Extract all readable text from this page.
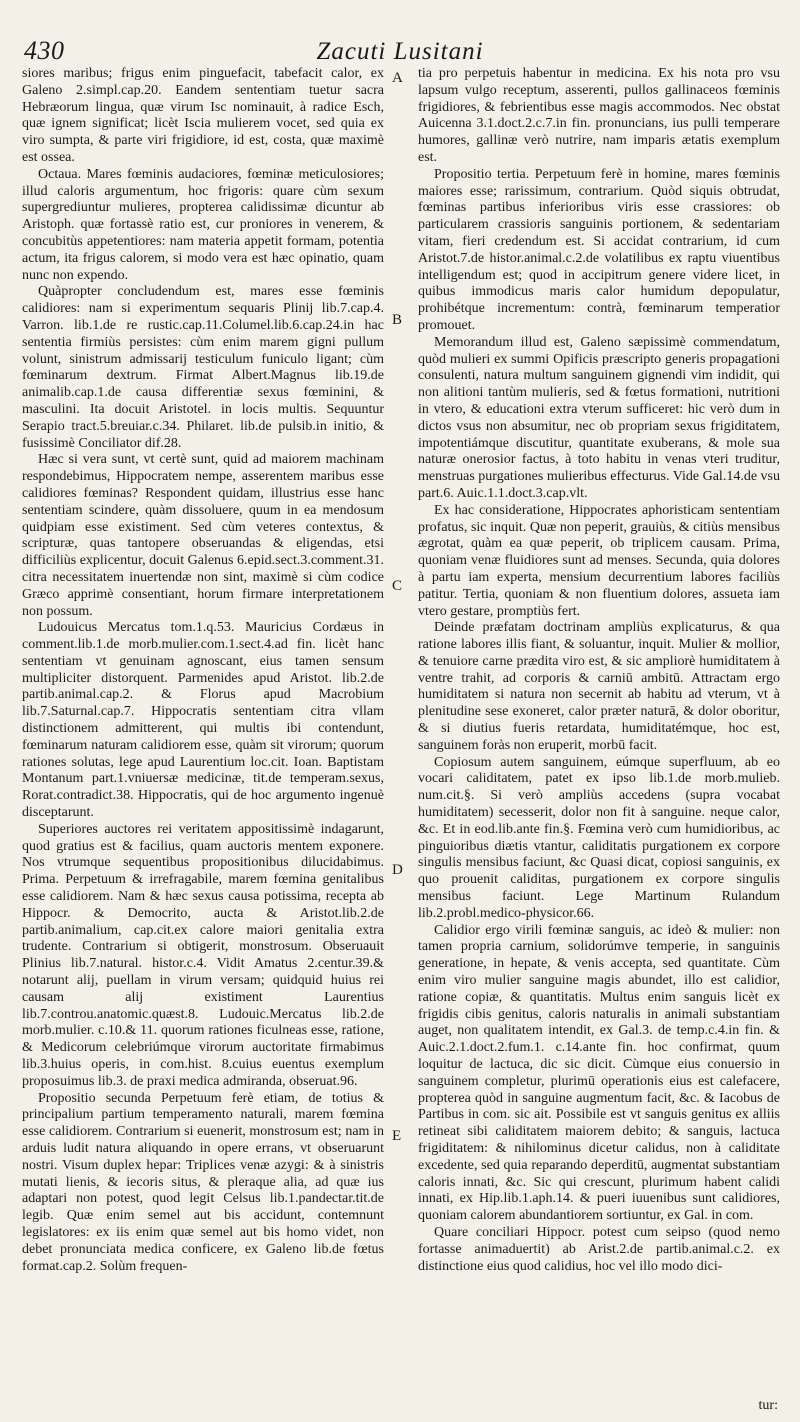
430	Zacuti Lusitani

siores maribus; frigus enim pinguefacit, tabefacit calor, ex Galeno 2.simpl.cap.20. Eandem sententiam tuetur sacra Hebræorum lingua, quæ virum Isc nominauit, à radice Esch, quæ ignem significat; licèt Iscia mulierem vocet, sed quia ex viro sumpta, & parte viri frigidiore, id est, costa, quæ maximè est ossea.

Octaua. Mares fœminis audaciores, fœminæ meticulosiores; illud caloris argumentum, hoc frigoris: quare cùm sexum supergrediuntur mulieres, propterea calidissimæ dicuntur ab Aristoph. quæ fortassè ratio est, cur proniores in venerem, & concubitùs appetentiores: nam materia appetit formam, potentia actum, ita frigus calorem, si modo vera est hæc opinatio, quam nunc non expendo.

Quàpropter concludendum est, mares esse fœminis calidiores: nam si experimentum sequaris Plinij lib.7.cap.4. Varron. lib.1.de re rustic.cap.11.Columel.lib.6.cap.24.in hac sententia firmiùs persistes: cùm enim marem gigni pullum volunt, sinistrum admissarij testiculum funiculo ligant; cùm fœminarum dextrum. Firmat Albert.Magnus lib.19.de animalib.cap.1.de causa differentiæ sexus fœminini, & masculini. Ita docuit Aristotel. in locis multis. Sequuntur Serapio tract.5.breuiar.c.34. Philaret. lib.de pulsib.in initio, & fusissimè Conciliator dif.28.

Hæc si vera sunt, vt certè sunt, quid ad maiorem machinam respondebimus, Hippocratem nempe, asserentem maribus esse calidiores fœminas? Respondent quidam, illustrius esse hanc sententiam scindere, quàm dissoluere, quum in ea mendosum quidpiam esse existiment. Sed cùm veteres contextus, & scripturæ, quas tantopere obseruandas & eligendas, etsi difficiliùs explicentur, docuit Galenus 6.epid.sect.3.comment.31. citra necessitatem inuertendæ non sint, maximè si cùm codice Græco apprimè consentiant, horum firmare interpretationem non possum.

Ludouicus Mercatus tom.1.q.53. Mauricius Cordæus in comment.lib.1.de morb.mulier.com.1.sect.4.ad fin. licèt hanc sententiam vt genuinam agnoscant, eius tamen sensum multipliciter distorquent. Parmenides apud Aristot. lib.2.de partib.animal.cap.2. & Florus apud Macrobium lib.7.Saturnal.cap.7. Hippocratis sententiam citra vllam distinctionem admitterent, qui multis ibi contendunt, fœminarum naturam calidiorem esse, quàm sit virorum; quorum rationes solutas, lege apud Laurentium loc.cit. Ioan. Baptistam Montanum part.1.vniuersæ medicinæ, tit.de temperam.sexus, Rorat.contradict.38. Hippocratis, qui de hoc argumento ingenuè disceptarunt.

Superiores auctores rei veritatem appositissimè indagarunt, quod gratius est & facilius, quam auctoris mentem exponere. Nos vtrumque sequentibus propositionibus dilucidabimus. Prima. Perpetuum & irrefragabile, marem fœmina genitalibus esse calidiorem. Nam & hæc sexus causa potissima, recepta ab Hippocr. & Democrito, aucta & Aristot.lib.2.de partib.animalium, cap.cit.ex calore maiori genitalia extra trudente. Contrarium si obtigerit, monstrosum. Obseruauit Plinius lib.7.natural. histor.c.4. Vidit Amatus 2.centur.39.& notarunt alij, puellam in virum versam; quidquid huius rei causam alij existiment Laurentius lib.7.controu.anatomic.quæst.8. Ludouic.Mercatus lib.2.de morb.mulier. c.10.& 11. quorum rationes ficulneas esse, ratione, & Medicorum celebriúmque virorum auctoritate firmabimus lib.3.huius operis, in com.hist. 8.cuius euentus exemplum proposuimus lib.3. de praxi medica admiranda, obseruat.96.

Propositio secunda Perpetuum ferè etiam, de totius & principalium partium temperamento naturali, marem fœmina esse calidiorem. Contrarium si euenerit, monstrosum est; nam in arduis ludit natura aliquando in opere errans, vt obseruarunt nostri. Visum duplex hepar: Triplices venæ azygi: & à sinistris mutati lienis, & iecoris situs, & pleraque alia, ad quæ ius adaptari non potest, quod legit Celsus lib.1.pandectar.tit.de legib. Quæ enim semel aut bis accidunt, contemnunt legislatores: ex iis enim quæ semel aut bis homo videt, non debet pronunciata medica conficere, ex Galeno lib.de fœtus format.cap.2. Solùm frequen-

A
B
C
D
E

tia pro perpetuis habentur in medicina. Ex his nota pro vsu lapsum vulgo receptum, asserenti, pullos gallinaceos fœminis frigidiores, & febrientibus esse magis accommodos. Nec obstat Auicenna 3.1.doct.2.c.7.in fin. pronuncians, ius pulli temperare humores, gallinæ verò nutrire, nam imparis ætatis exemplum est.

Propositio tertia. Perpetuum ferè in homine, mares fœminis maiores esse; rarissimum, contrarium. Quòd siquis obtrudat, fœminas partibus inferioribus viris esse crassiores: ob particularem crassioris sanguinis portionem, & sedentariam vitam, fieri credendum est. Si accidat contrarium, id cum Aristot.7.de histor.animal.c.2.de volatilibus ex raptu viuentibus intelligendum est; quod in accipitrum genere videre licet, in quibus immodicus maris calor humidum depopulatur, prohibétque incrementum: contrà, fœminarum temperatior promouet.

Memorandum illud est, Galeno sæpissimè commendatum, quòd mulieri ex summi Opificis præscripto generis propagationi consulenti, natura multum sanguinem gignendi vim indidit, qui non alitioni tantùm mulieris, sed & fœtus formationi, nutritioni in vtero, & educationi extra vterum sufficeret: hic verò dum in dictos vsus non absumitur, nec ob propriam sexus frigiditatem, impotentiámque discutitur, quantitate exuberans, & mole sua naturæ onerosior factus, à toto habitu in venas vteri truditur, menstruas purgationes mulieribus effecturus. Vide Gal.14.de vsu part.6. Auic.1.1.doct.3.cap.vlt.

Ex hac consideratione, Hippocrates aphoristicam sententiam profatus, sic inquit. Quæ non peperit, grauiùs, & citiùs mensibus ægrotat, quàm ea quæ peperit, ob triplicem causam. Prima, quoniam venæ fluidiores sunt ad menses. Secunda, quia dolores à partu iam experta, mensium decurrentium labores faciliùs patitur. Tertia, quoniam & non fluentium dolores, assueta iam vtero gestare, promptiùs fert.

Deinde præfatam doctrinam ampliùs explicaturus, & qua ratione labores illis fiant, & soluantur, inquit. Mulier & mollior, & tenuiore carne prædita viro est, & sic ampliorè humiditatem à ventre trahit, ad corporis & carniū ambitū. Attractam ergo humiditatem si natura non secernit ab habitu ad vterum, vt à plenitudine sese exoneret, calor præter naturā, & dolor oboritur, & si diutius fueris retardata, humiditatémque, hoc est, sanguinem foràs non eruperit, morbū facit.

Copiosum autem sanguinem, eúmque superfluum, ab eo vocari caliditatem, patet ex ipso lib.1.de morb.mulieb. num.cit.§. Si verò ampliùs accedens (supra vocabat humiditatem) secesserit, dolor non fit à sanguine. neque calor, &c. Et in eod.lib.ante fin.§. Fœmina verò cum humidioribus, ac pinguioribus diætis vtantur, caliditatis purgationem ex corpore singulis mensibus faciunt, &c Quasi dicat, copiosi sanguinis, ex quo prouenit caliditas, purgationem ex corpore singulis mensibus faciunt. Lege Martinum Rulandum lib.2.probl.medico-physicor.66.

Calidior ergo virili fœminæ sanguis, ac ideò & mulier: non tamen propria carnium, solidorúmve temperie, in sanguinis generatione, in hepate, & venis accepta, sed quantitate. Cùm enim viro mulier sanguine magis abundet, illo est calidior, ratione copiæ, & quantitatis. Multus enim sanguis licèt ex frigidis cibis genitus, caloris naturalis in animali substantiam auget, non qualitatem intendit, ex Gal.3. de temp.c.4.in fin. & Auic.2.1.doct.2.fum.1. c.14.ante fin. hoc confirmat, quum loquitur de lactuca, dic sic dicit. Cùmque eius conuersio in sanguinem completur, plurimū operationis eius est calefacere, propterea quòd in sanguine augmentum facit, &c. & Iacobus de Partibus in com. sic ait. Possibile est vt sanguis genitus ex alliis retineat sibi caliditatem maiorem debito; & sanguis, lactuca frigiditatem: & nihilominus dicetur calidus, non à caliditate excedente, sed quia reparando deperditū, augmentat substantiam caloris innati, &c. Sic qui crescunt, plurimum habent calidi innati, ex Hip.lib.1.aph.14. & pueri iuuenibus sunt calidiores, quoniam calorem abundantiorem sortiuntur, ex Gal. in com.

Quare conciliari Hippocr. potest cum seipso (quod nemo fortasse animaduertit) ab Arist.2.de partib.animal.c.2. ex distinctione eius quod calidius, hoc vel illo modo dici-

tur:
